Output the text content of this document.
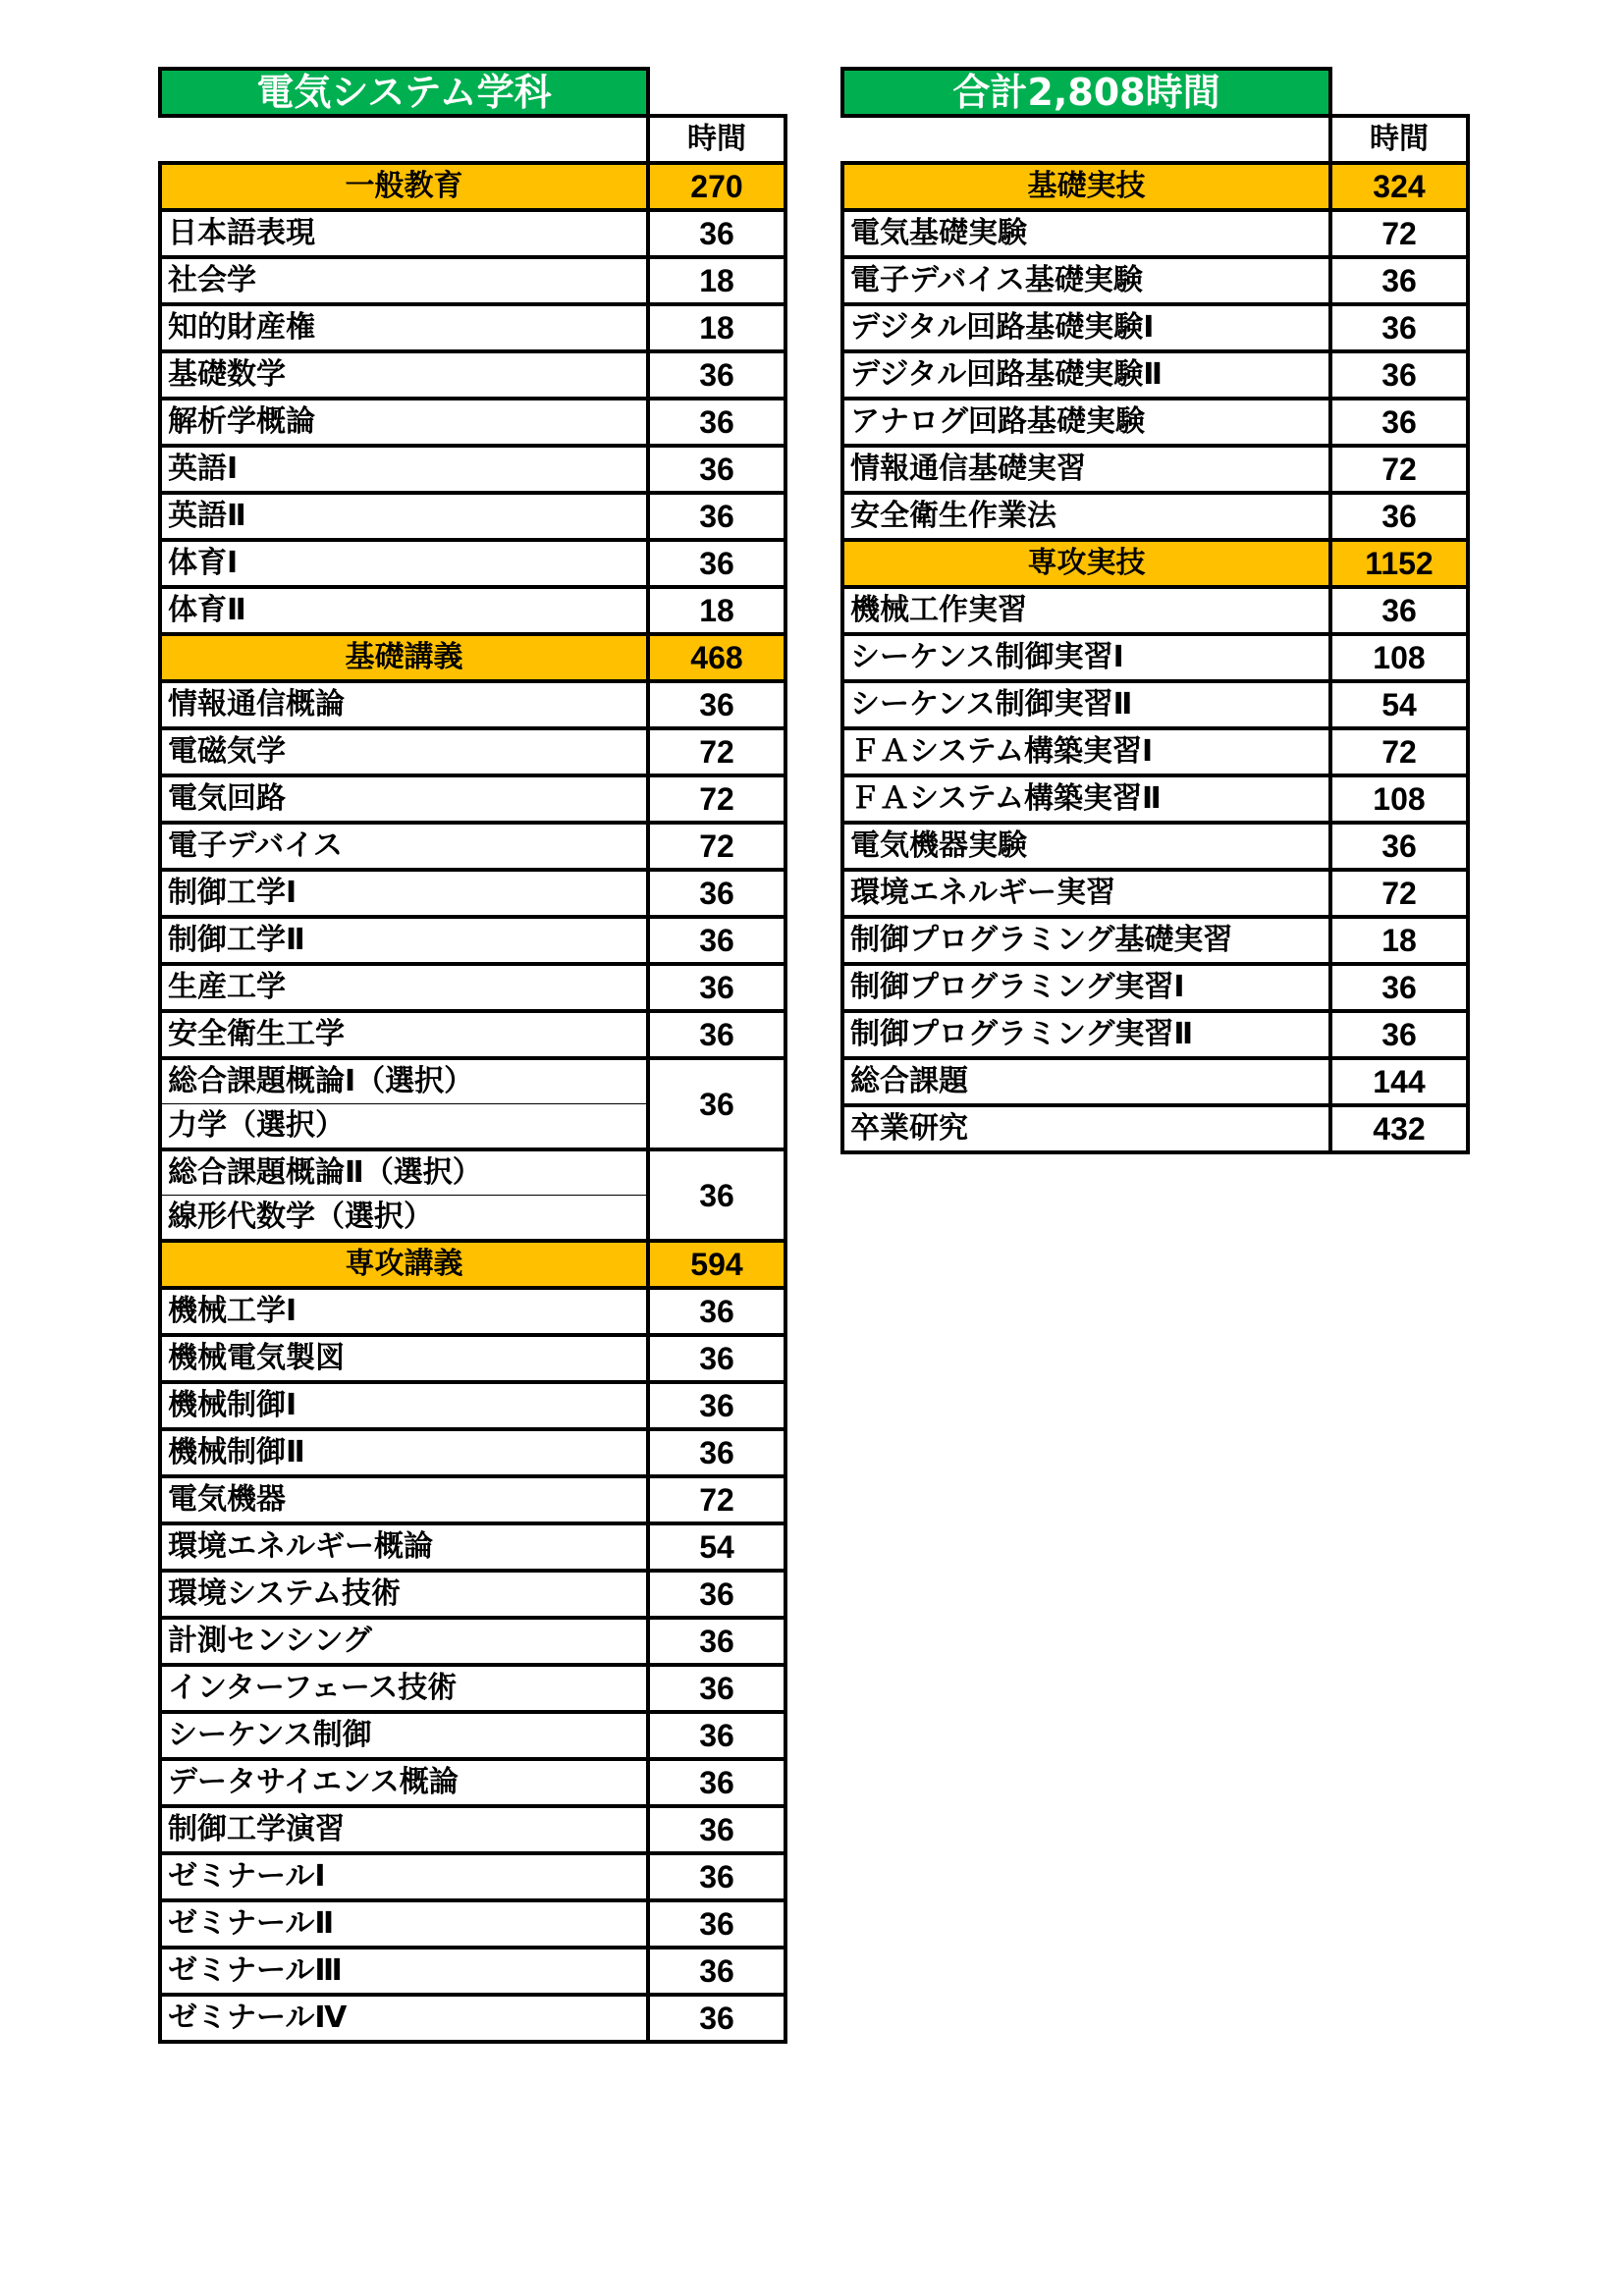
電気システム学科	
	時間
一般教育	270
日本語表現	36
社会学	18
知的財産権	18
基礎数学	36
解析学概論	36
英語Ⅰ	36
英語Ⅱ	36
体育Ⅰ	36
体育Ⅱ	18
基礎講義	468
情報通信概論	36
電磁気学	72
電気回路	72
電子デバイス	72
制御工学Ⅰ	36
制御工学Ⅱ	36
生産工学	36
安全衛生工学	36
総合課題概論Ⅰ（選択）	36
力学（選択）	
総合課題概論Ⅱ（選択）	36
線形代数学（選択）	
専攻講義	594
機械工学Ⅰ	36
機械電気製図	36
機械制御Ⅰ	36
機械制御Ⅱ	36
電気機器	72
環境エネルギー概論	54
環境システム技術	36
計測センシング	36
インターフェース技術	36
シーケンス制御	36
データサイエンス概論	36
制御工学演習	36
ゼミナールⅠ	36
ゼミナールⅡ	36
ゼミナールⅢ	36
ゼミナールⅣ	36
合計2,808時間	
	時間
基礎実技	324
電気基礎実験	72
電子デバイス基礎実験	36
デジタル回路基礎実験Ⅰ	36
デジタル回路基礎実験Ⅱ	36
アナログ回路基礎実験	36
情報通信基礎実習	72
安全衛生作業法	36
専攻実技	1152
機械工作実習	36
シーケンス制御実習Ⅰ	108
シーケンス制御実習Ⅱ	54
ＦＡシステム構築実習Ⅰ	72
ＦＡシステム構築実習Ⅱ	108
電気機器実験	36
環境エネルギー実習	72
制御プログラミング基礎実習	18
制御プログラミング実習Ⅰ	36
制御プログラミング実習Ⅱ	36
総合課題	144
卒業研究	432
